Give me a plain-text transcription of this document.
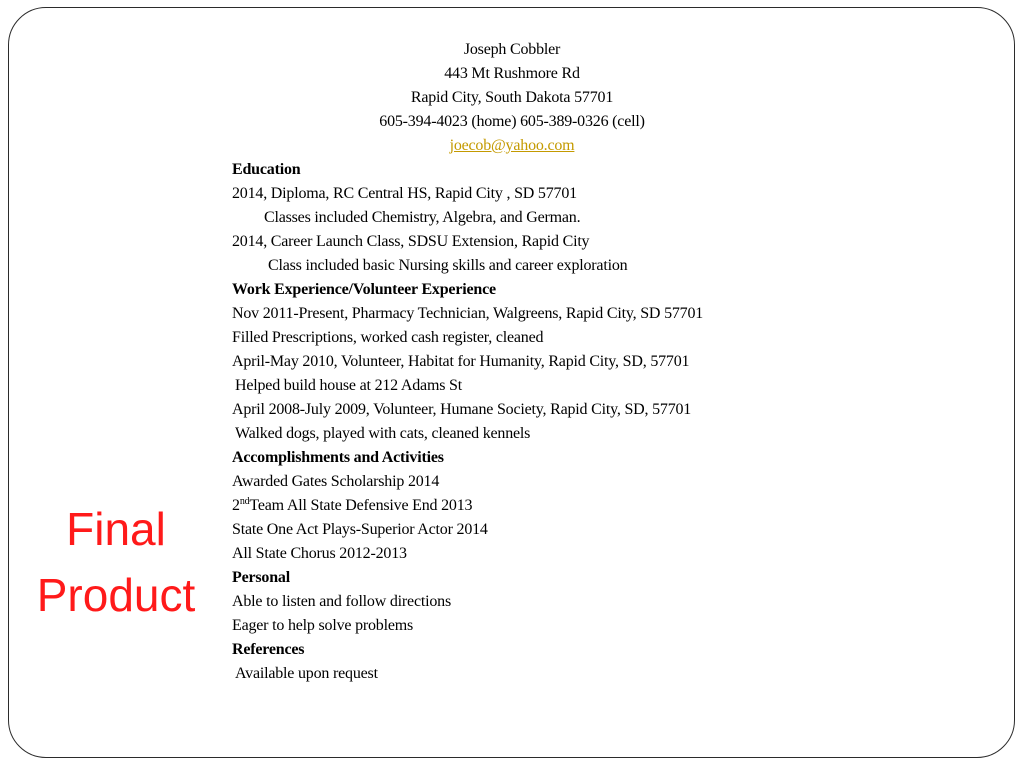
Final
Product
Joseph Cobbler
443 Mt Rushmore Rd
Rapid City, South Dakota 57701
605-394-4023 (home) 605-389-0326 (cell)
joecob@yahoo.com
Education
2014, Diploma, RC Central HS, Rapid City , SD 57701
Classes included Chemistry, Algebra, and German.
2014, Career Launch Class, SDSU Extension, Rapid City
Class included basic Nursing skills and career exploration
Work Experience/Volunteer Experience
Nov 2011-Present, Pharmacy Technician, Walgreens, Rapid City, SD 57701
Filled Prescriptions, worked cash register, cleaned
April-May 2010, Volunteer, Habitat for Humanity, Rapid City, SD, 57701
Helped build house at 212 Adams St
April 2008-July 2009, Volunteer, Humane Society, Rapid City, SD, 57701
Walked dogs, played with cats, cleaned kennels
Accomplishments and Activities
Awarded Gates Scholarship 2014
2ndTeam All State Defensive End 2013
State One Act Plays-Superior Actor 2014
All State Chorus 2012-2013
Personal
Able to listen and follow directions
Eager to help solve problems
References
Available upon request
